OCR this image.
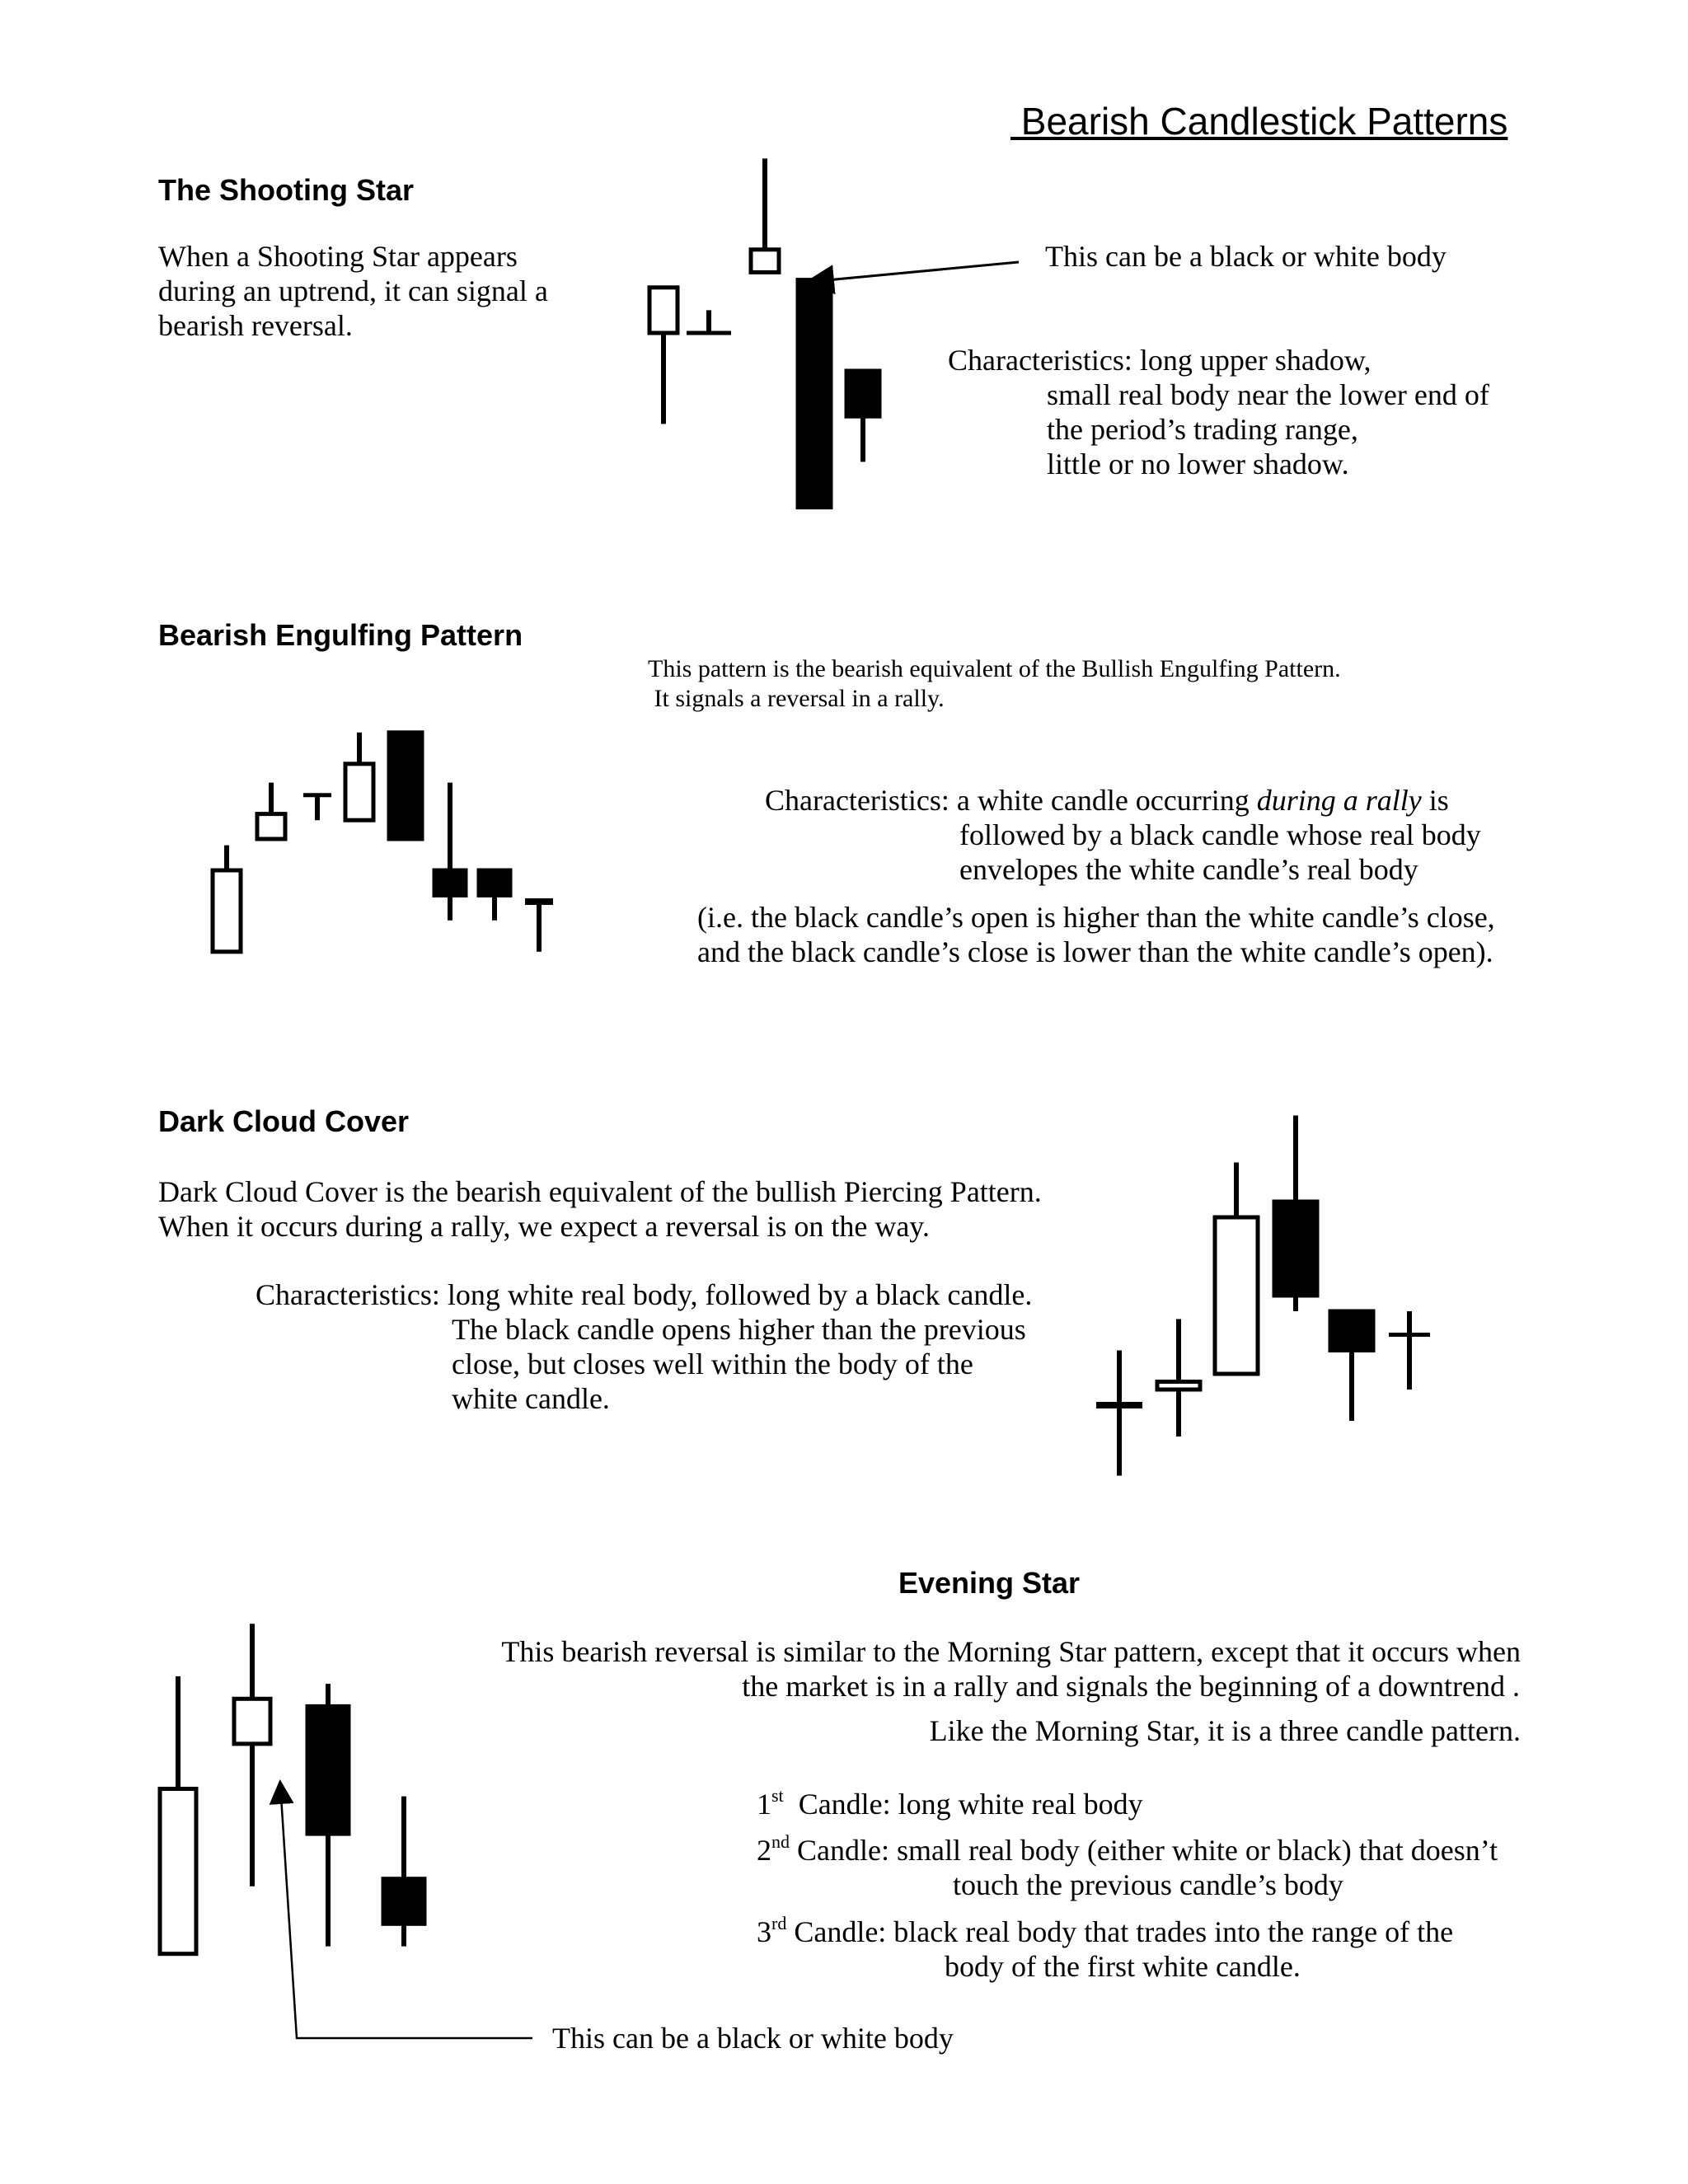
Bearish Candlestick Patterns
The Shooting Star
When a Shooting Star appears
during an uptrend, it can signal a
bearish reversal.
This can be a black or white body
Characteristics: long upper shadow,
small real body near the lower end of
the period’s trading range,
little or no lower shadow.
Bearish Engulfing Pattern
This pattern is the bearish equivalent of the Bullish Engulfing Pattern.
It signals a reversal in a rally.
Characteristics: a white candle occurring during a rally is
followed by a black candle whose real body
envelopes the white candle’s real body
(i.e. the black candle’s open is higher than the white candle’s close,
and the black candle’s close is lower than the white candle’s open).
Dark Cloud Cover
Dark Cloud Cover is the bearish equivalent of the bullish Piercing Pattern.
When it occurs during a rally, we expect a reversal is on the way.
Characteristics: long white real body, followed by a black candle.
The black candle opens higher than the previous
close, but closes well within the body of the
white candle.
Evening Star
This bearish reversal is similar to the Morning Star pattern, except that it occurs when
the market is in a rally and signals the beginning of a downtrend .
Like the Morning Star, it is a three candle pattern.
1st  Candle: long white real body
2nd Candle: small real body (either white or black) that doesn’t
touch the previous candle’s body
3rd Candle: black real body that trades into the range of the
body of the first white candle.
This can be a black or white body
